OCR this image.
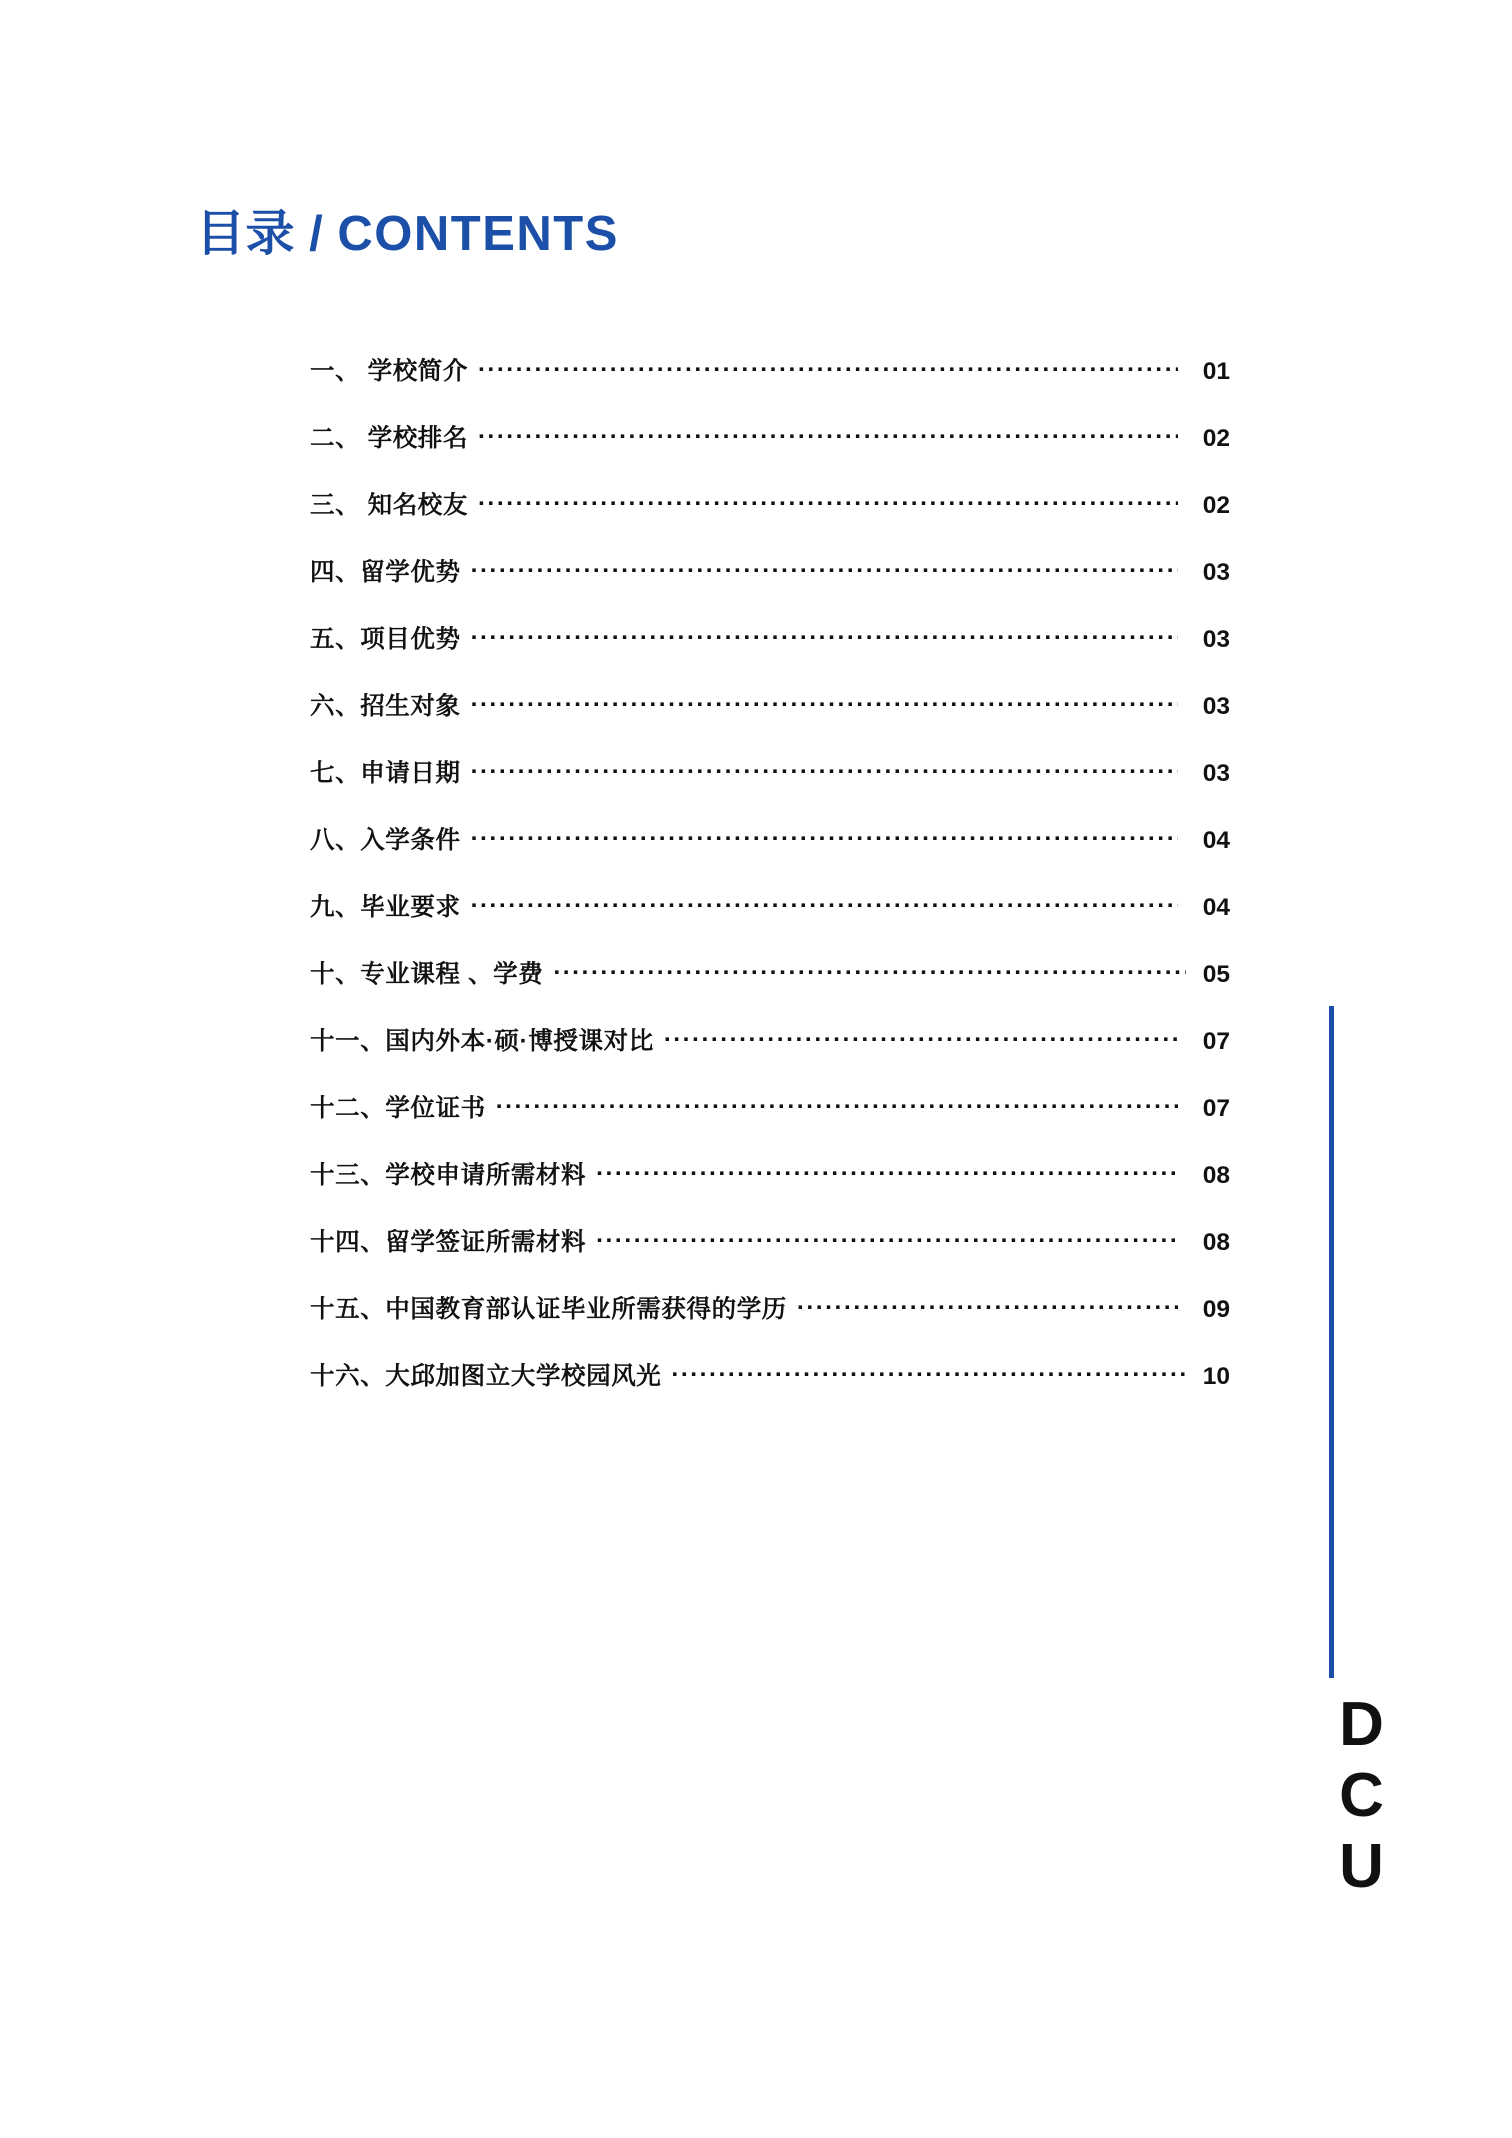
目录 / CONTENTS
一、 学校简介 .....	01
二、 学校排名 .....	02
三、 知名校友 .....	02
四、留学优势 .....	03
五、项目优势 .....	03
六、招生对象 .....	03
七、申请日期 .....	03
八、入学条件 .....	04
九、毕业要求 .....	04
十、专业课程 、学费 .....	05
十一、国内外本·硕·博授课对比 .....	07
十二、学位证书 .....	07
十三、学校申请所需材料 .....	08
十四、留学签证所需材料 .....	08
十五、中国教育部认证毕业所需获得的学历 .....	09
十六、大邱加图立大学校园风光 .....	10
DCU
